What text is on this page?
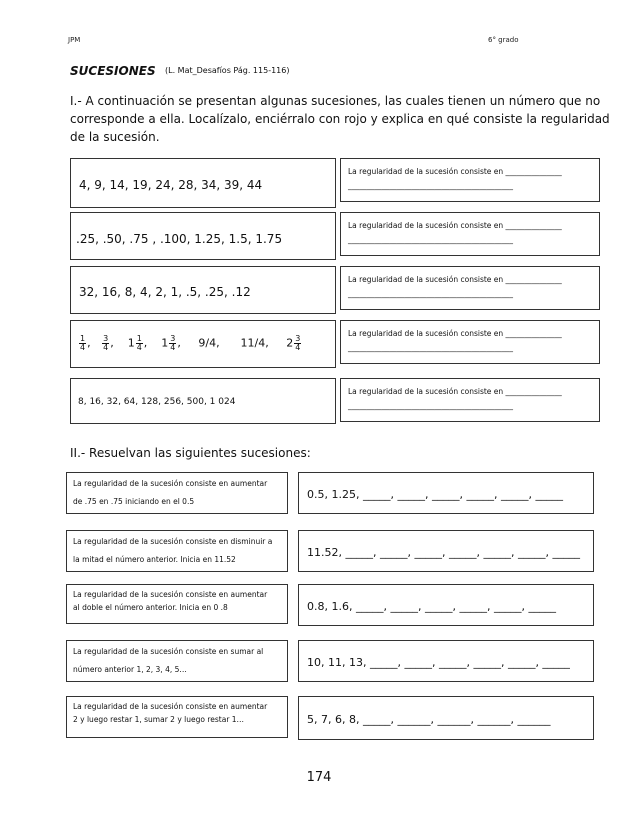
JPM	6° grado
SUCESIONES (L. Mat_Desafíos Pág. 115-116)
I.- A continuación se presentan algunas sucesiones, las cuales tienen un número que no
corresponde a ella. Localízalo, enciérralo con rojo y explica en qué consiste la regularidad
de la sucesión.
4, 9, 14, 19, 24, 28, 34, 39, 44
La regularidad de la sucesión consiste en _______________
____________________________________________
.25, .50, .75 , .100, 1.25, 1.5, 1.75
La regularidad de la sucesión consiste en _______________
____________________________________________
32, 16, 8, 4, 2, 1, .5, .25, .12
La regularidad de la sucesión consiste en _______________
____________________________________________
$\frac{1}{4}$ , $\frac{3}{4}$ ,    $1 \frac{1}{4}$ ,    $1 \frac{3}{4}$ ,     9/4,      11/4,     $2 \frac{3}{4}$
La regularidad de la sucesión consiste en _______________
____________________________________________
8, 16, 32, 64, 128, 256, 500, 1 024
La regularidad de la sucesión consiste en _______________
____________________________________________
II.- Resuelvan las siguientes sucesiones:
La regularidad de la sucesión consiste en aumentar
de .75 en .75 iniciando en el 0.5
0.5, 1.25, _____, _____, _____, _____, _____, _____
La regularidad de la sucesión consiste en disminuir a
la mitad el número anterior. Inicia en 11.52
11.52, _____, _____, _____, _____, _____, _____, _____
La regularidad de la sucesión consiste en aumentar
al doble el número anterior. Inicia en 0 .8	0.8, 1.6, _____, _____, _____, _____, _____, _____
La regularidad de la sucesión consiste en sumar al
número anterior 1, 2, 3, 4, 5…
10, 11, 13, _____, _____, _____, _____, _____, _____
La regularidad de la sucesión consiste en aumentar
2 y luego restar 1, sumar 2 y luego restar 1…	5, 7, 6, 8, _____, ______, ______, ______, ______
174
